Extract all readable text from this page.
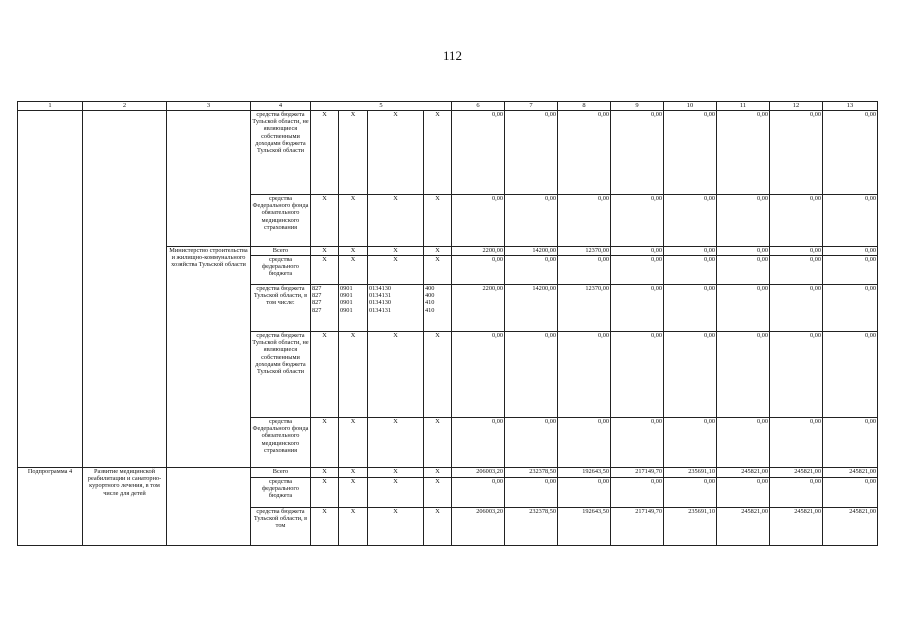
112
1	2	3	4	5				6	7	8	9	10	11	12	13
			средства бюджета Тульской области, не являющиеся собственными доходами бюджета Тульской области	X	X	X	X	0,00	0,00	0,00	0,00	0,00	0,00	0,00	0,00
			средства Федерального фонда обязательного медицинского страхования	X	X	X	X	0,00	0,00	0,00	0,00	0,00	0,00	0,00	0,00
		Министерство строительства и жилищно-коммунального хозяйства Тульской области	Всего	X	X	X	X	2200,00	14200,00	12370,00	0,00	0,00	0,00	0,00	0,00
			средства федерального бюджета	X	X	X	X	0,00	0,00	0,00	0,00	0,00	0,00	0,00	0,00
			средства бюджета Тульской области, в том числе:	827
827
827
827	0901
0901
0901
0901	0134130
0134131
0134130
0134131	400
400
410
410	2200,00	14200,00	12370,00	0,00	0,00	0,00	0,00	0,00
			средства бюджета Тульской области, не являющиеся собственными доходами бюджета Тульской области	X	X	X	X	0,00	0,00	0,00	0,00	0,00	0,00	0,00	0,00
			средства Федерального фонда обязательного медицинского страхования	X	X	X	X	0,00	0,00	0,00	0,00	0,00	0,00	0,00	0,00
Подпрограмма 4	Развитие медицинской реабилитации и санаторно-курортного лечения, в том числе для детей		Всего	X	X	X	X	206003,20	232378,50	192643,50	217149,70	235691,10	245821,00	245821,00	245821,00
			средства федерального бюджета	X	X	X	X	0,00	0,00	0,00	0,00	0,00	0,00	0,00	0,00
			средства бюджета Тульской области, в том	X	X	X	X	206003,20	232378,50	192643,50	217149,70	235691,10	245821,00	245821,00	245821,00
